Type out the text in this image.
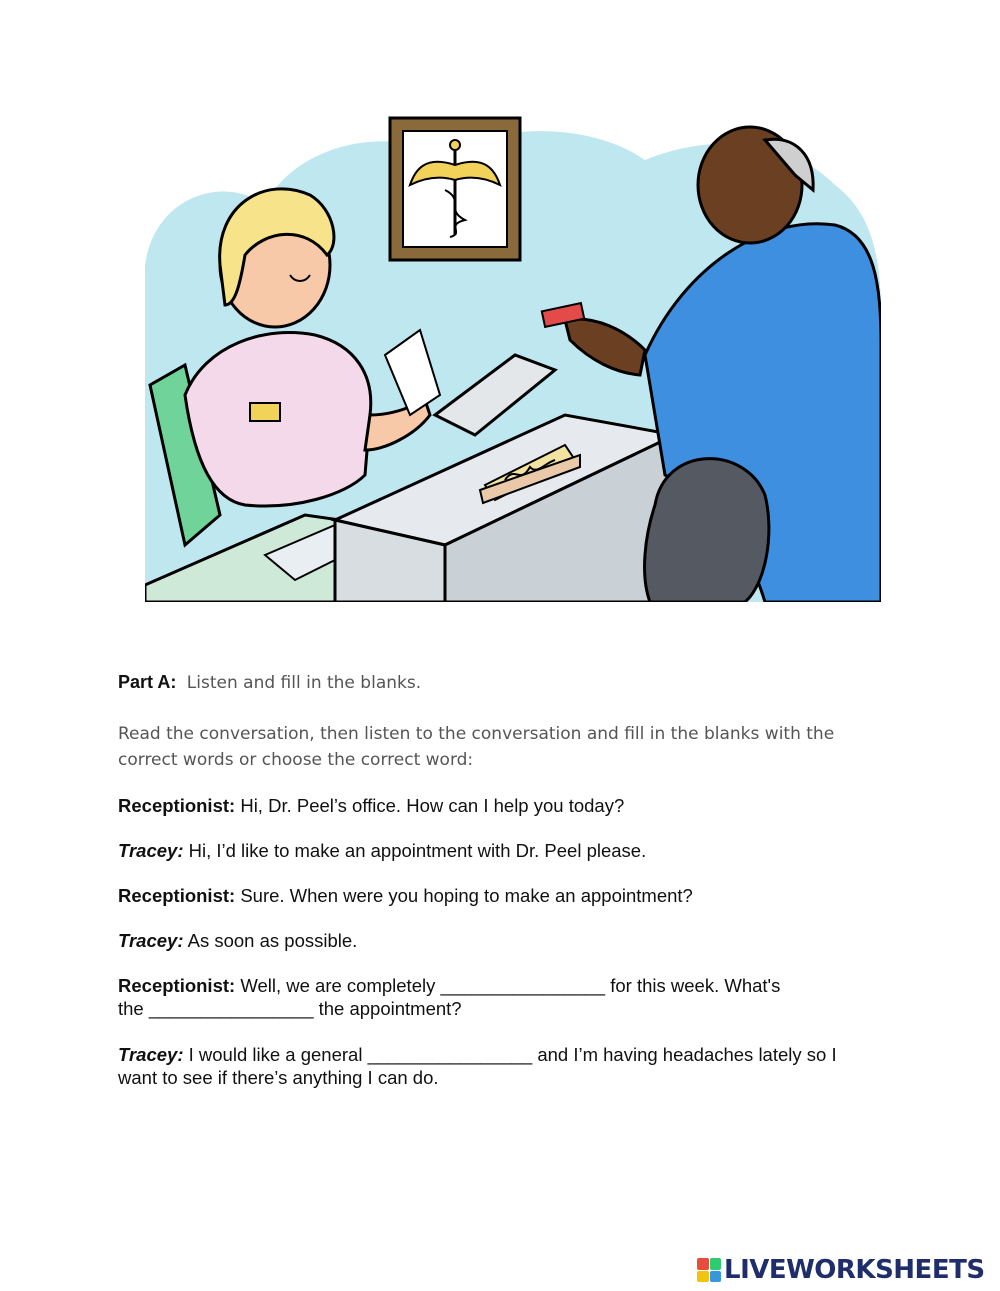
Part A: Listen and fill in the blanks.
Read the conversation, then listen to the conversation and fill in the blanks with the correct words or choose the correct word:
Receptionist: Hi, Dr. Peel’s office. How can I help you today?
Tracey: Hi, I’d like to make an appointment with Dr. Peel please.
Receptionist: Sure. When were you hoping to make an appointment?
Tracey: As soon as possible.
Receptionist: Well, we are completely ________________ for this week. What's
the ________________ the appointment?
Tracey: I would like a general ________________ and I’m having headaches lately so I
want to see if there’s anything I can do.
LIVEWORKSHEETS
